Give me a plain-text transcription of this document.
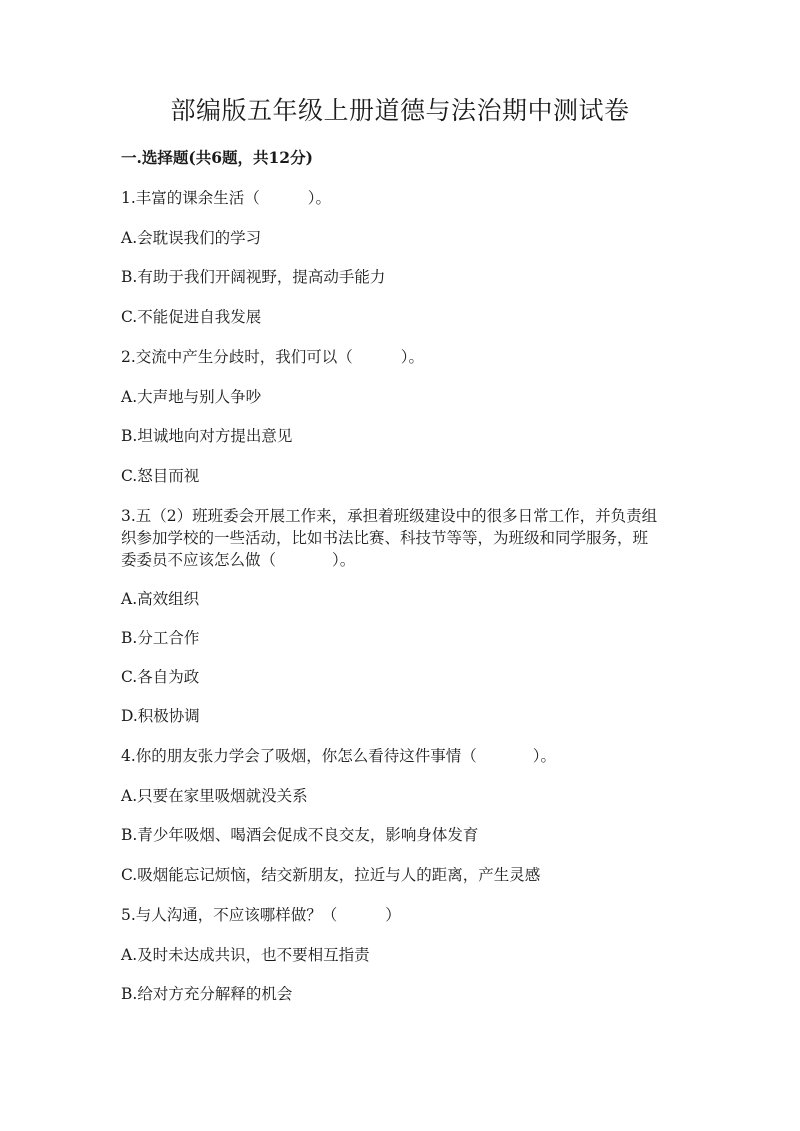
部编版五年级上册道德与法治期中测试卷

一.选择题(共6题，共12分)

1.丰富的课余生活（	）。

A.会耽误我们的学习

B.有助于我们开阔视野，提高动手能力

C.不能促进自我发展

2.交流中产生分歧时，我们可以（	）。

A.大声地与别人争吵

B.坦诚地向对方提出意见

C.怒目而视

3.五（2）班班委会开展工作来，承担着班级建设中的很多日常工作，并负责组

织参加学校的一些活动，比如书法比赛、科技节等等，为班级和同学服务，班

委委员不应该怎么做（	）。

A.高效组织

B.分工合作

C.各自为政

D.积极协调

4.你的朋友张力学会了吸烟，你怎么看待这件事情（	）。

A.只要在家里吸烟就没关系

B.青少年吸烟、喝酒会促成不良交友，影响身体发育

C.吸烟能忘记烦恼，结交新朋友，拉近与人的距离，产生灵感

5.与人沟通，不应该哪样做？（	）

A.及时未达成共识，也不要相互指责

B.给对方充分解释的机会
